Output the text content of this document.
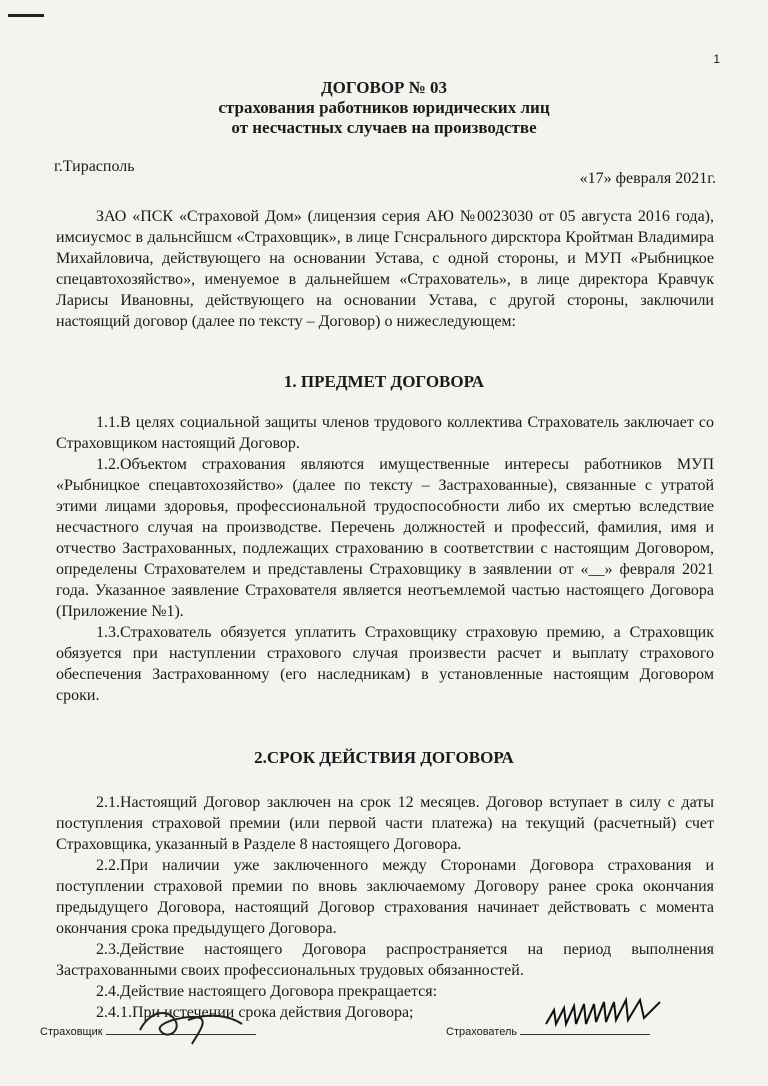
1
ДОГОВОР № 03
страхования работников юридических лиц
от несчастных случаев на производстве
г.Тирасполь
«17» февраля 2021г.

ЗАО «ПСК «Страховой Дом» (лицензия серия АЮ №0023030 от 05 августа 2016 года), имсиусмос в дальнсйшсм «Страховщик», в лице Гснсрального дирсктора Кройтман Владимира Михайловича, действующего на основании Устава, с одной стороны, и МУП «Рыбницкое спецавтохозяйство», именуемое в дальнейшем «Страхователь», в лице директора Кравчук Ларисы Ивановны, действующего на основании Устава, с другой стороны, заключили настоящий договор (далее по тексту – Договор) о нижеследующем:

1. ПРЕДМЕТ ДОГОВОРА

1.1.В целях социальной защиты членов трудового коллектива Страхователь заключает со Страховщиком настоящий Договор.

1.2.Объектом страхования являются имущественные интересы работников МУП «Рыбницкое спецавтохозяйство» (далее по тексту – Застрахованные), связанные с утратой этими лицами здоровья, профессиональной трудоспособности либо их смертью вследствие несчастного случая на производстве. Перечень должностей и профессий, фамилия, имя и отчество Застрахованных, подлежащих страхованию в соответствии с настоящим Договором, определены Страхователем и представлены Страховщику в заявлении от «__» февраля 2021 года. Указанное заявление Страхователя является неотъемлемой частью настоящего Договора (Приложение №1).

1.3.Страхователь обязуется уплатить Страховщику страховую премию, а Страховщик обязуется при наступлении страхового случая произвести расчет и выплату страхового обеспечения Застрахованному (его наследникам) в установленные настоящим Договором сроки.

2.СРОК ДЕЙСТВИЯ ДОГОВОРА

2.1.Настоящий Договор заключен на срок 12 месяцев. Договор вступает в силу с даты поступления страховой премии (или первой части платежа) на текущий (расчетный) счет Страховщика, указанный в Разделе 8 настоящего Договора.

2.2.При наличии уже заключенного между Сторонами Договора страхования и поступлении страховой премии по вновь заключаемому Договору ранее срока окончания предыдущего Договора, настоящий Договор страхования начинает действовать с момента окончания срока предыдущего Договора.

2.3.Действие настоящего Договора распространяется на период выполнения Застрахованными своих профессиональных трудовых обязанностей.

2.4.Действие настоящего Договора прекращается:

2.4.1.При истечении срока действия Договора;

Страховщик	Страхователь
